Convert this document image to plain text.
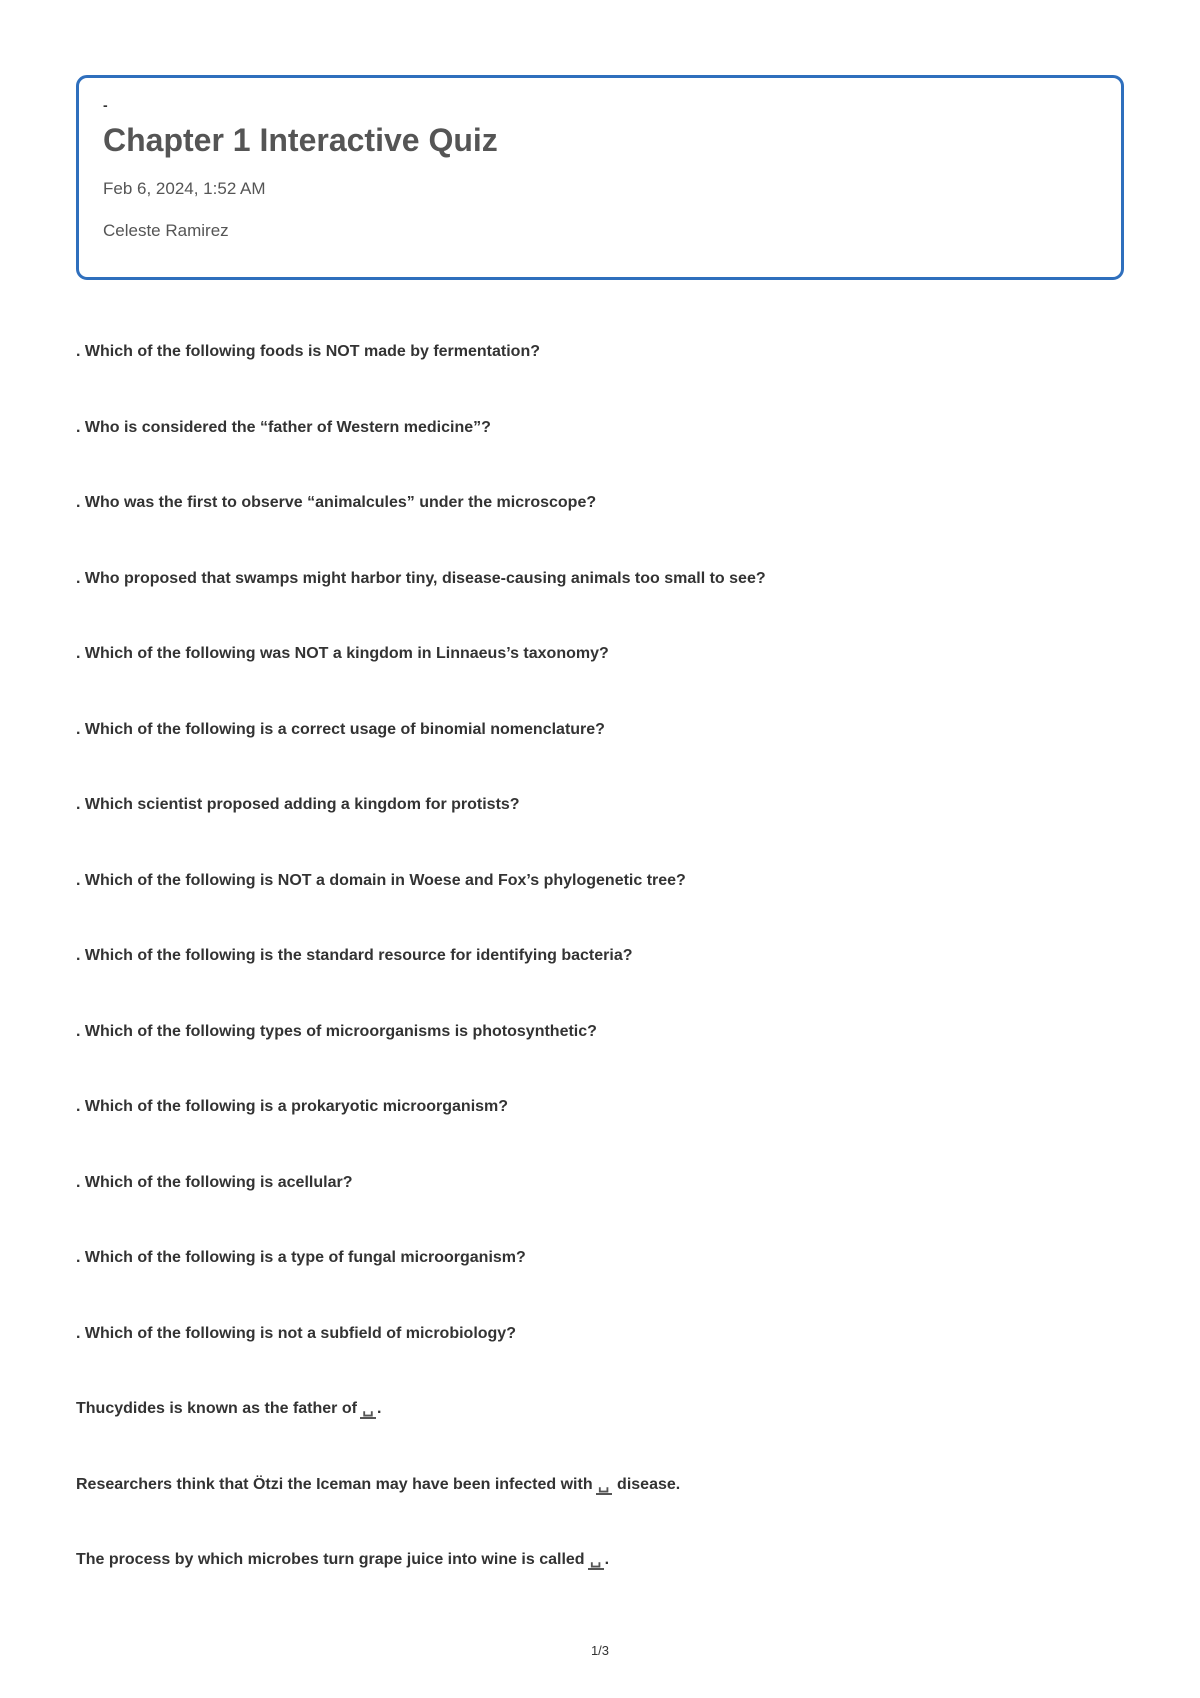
-
Chapter 1 Interactive Quiz

Feb 6, 2024, 1:52 AM

Celeste Ramirez

. Which of the following foods is NOT made by fermentation?
. Who is considered the “father of Western medicine”?
. Who was the first to observe “animalcules” under the microscope?
. Who proposed that swamps might harbor tiny, disease-causing animals too small to see?
. Which of the following was NOT a kingdom in Linnaeus’s taxonomy?
. Which of the following is a correct usage of binomial nomenclature?
. Which scientist proposed adding a kingdom for protists?
. Which of the following is NOT a domain in Woese and Fox’s phylogenetic tree?
. Which of the following is the standard resource for identifying bacteria?
. Which of the following types of microorganisms is photosynthetic?
. Which of the following is a prokaryotic microorganism?
. Which of the following is acellular?
. Which of the following is a type of fungal microorganism?
. Which of the following is not a subfield of microbiology?
Thucydides is known as the father of ␣ .
Researchers think that Ötzi the Iceman may have been infected with ␣ disease.
The process by which microbes turn grape juice into wine is called ␣ .
1/3
